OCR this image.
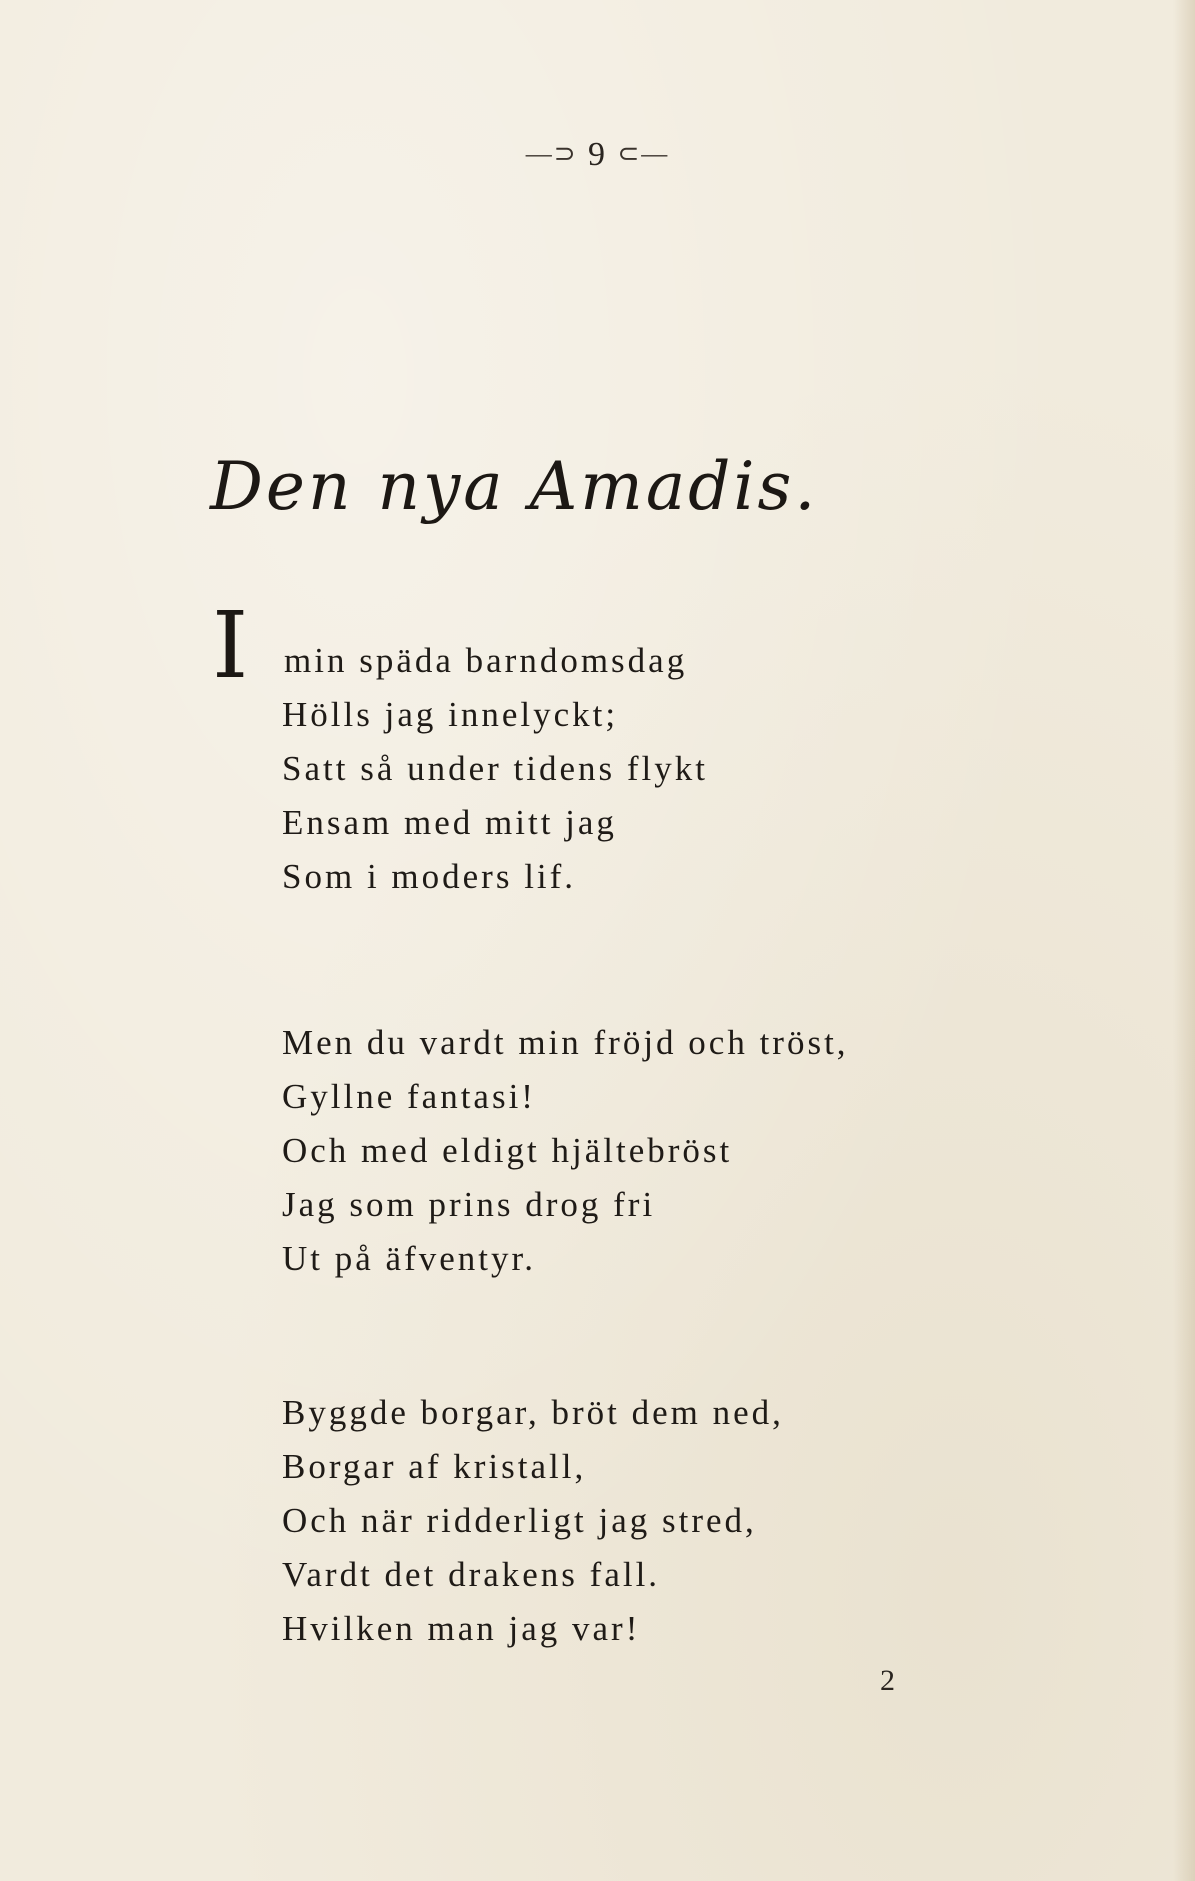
—⊃ 9 ⊂—
Den nya Amadis.
I min späda barndomsdag
Hölls jag innelyckt;
Satt så under tidens flykt
Ensam med mitt jag
Som i moders lif.
Men du vardt min fröjd och tröst,
Gyllne fantasi!
Och med eldigt hjältebröst
Jag som prins drog fri
Ut på äfventyr.
Byggde borgar, bröt dem ned,
Borgar af kristall,
Och när ridderligt jag stred,
Vardt det drakens fall.
Hvilken man jag var!
2
